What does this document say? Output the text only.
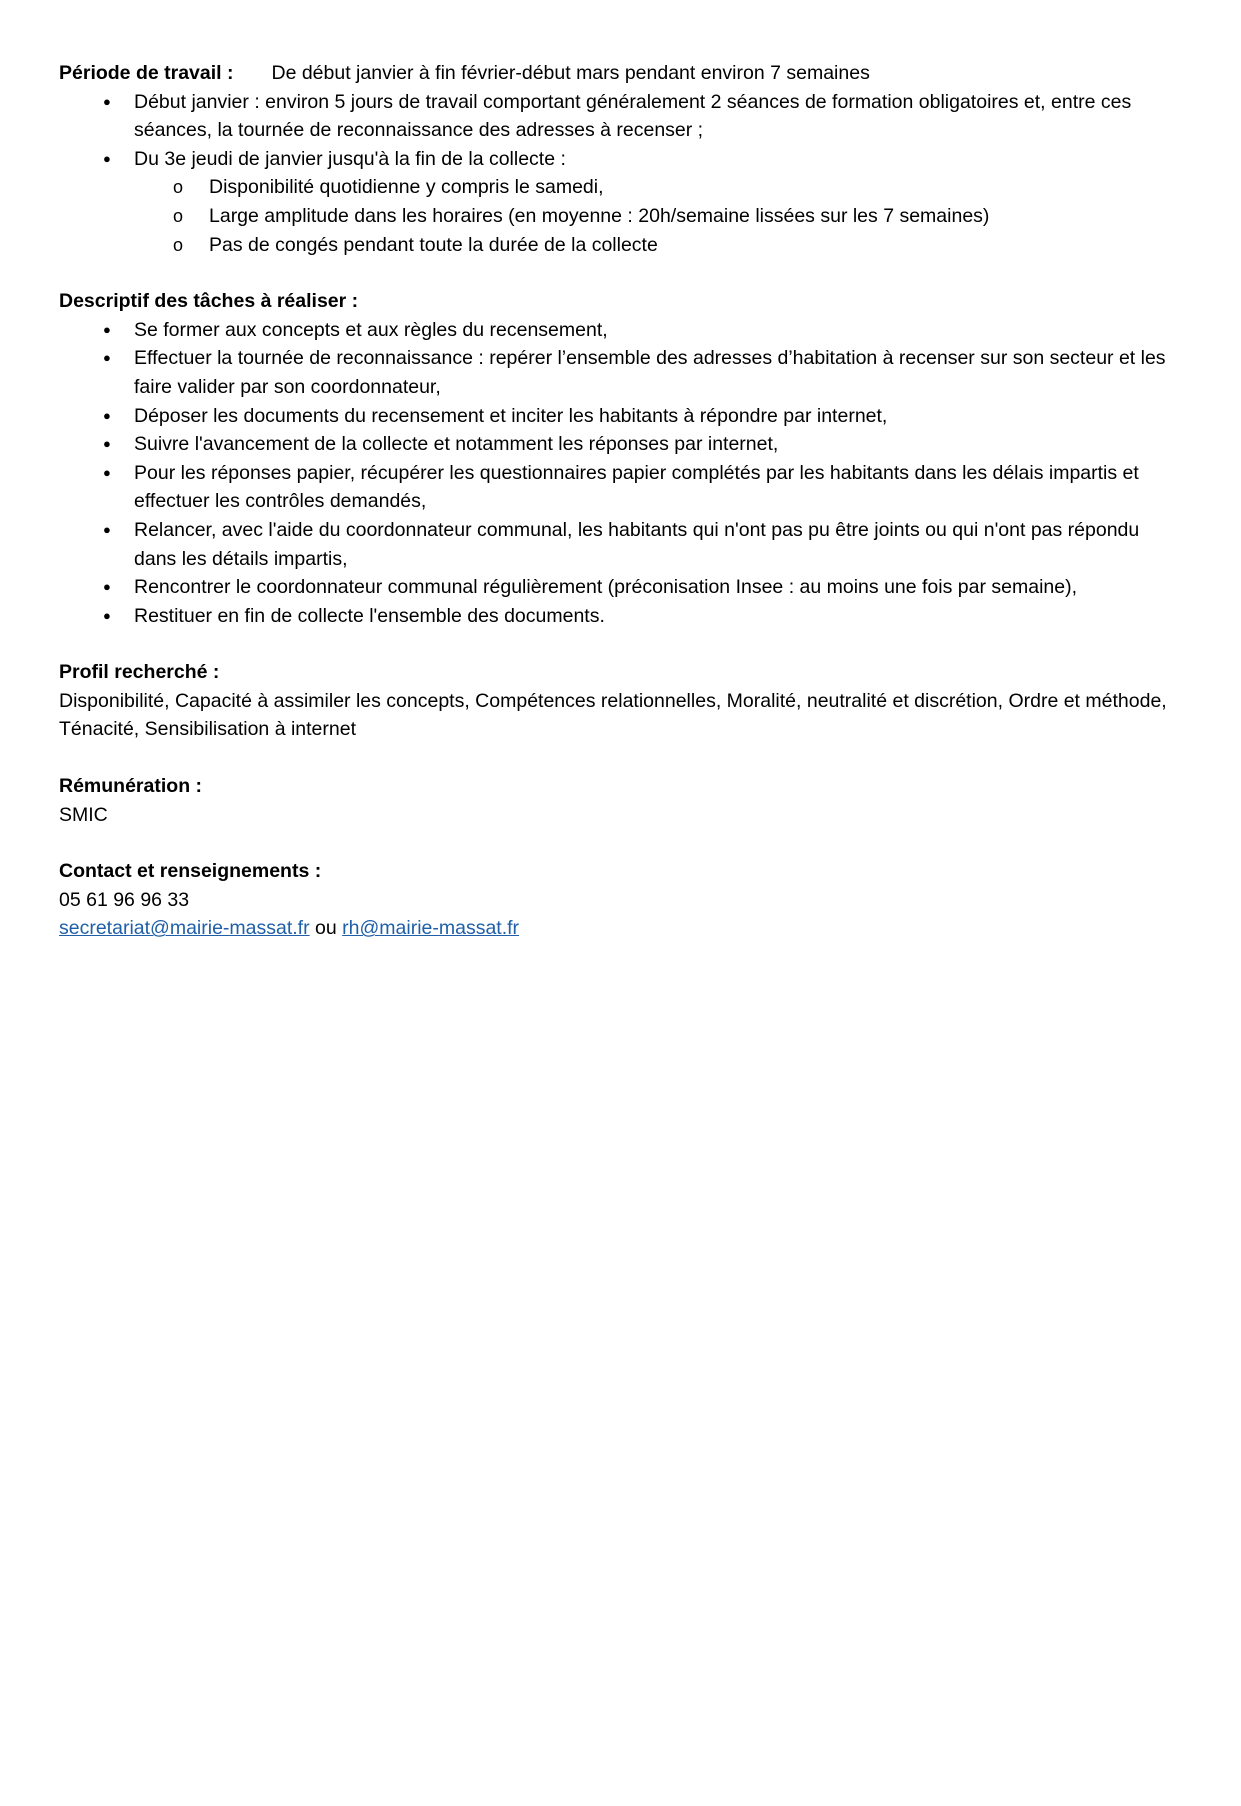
Période de travail : De début janvier à fin février-début mars pendant environ 7 semaines
● Début janvier : environ 5 jours de travail comportant généralement 2 séances de formation obligatoires et, entre ces séances, la tournée de reconnaissance des adresses à recenser ;
● Du 3e jeudi de janvier jusqu'à la fin de la collecte :
o Disponibilité quotidienne y compris le samedi,
o Large amplitude dans les horaires (en moyenne : 20h/semaine lissées sur les 7 semaines)
o Pas de congés pendant toute la durée de la collecte
Descriptif des tâches à réaliser :
● Se former aux concepts et aux règles du recensement,
● Effectuer la tournée de reconnaissance : repérer l’ensemble des adresses d’habitation à recenser sur son secteur et les faire valider par son coordonnateur,
● Déposer les documents du recensement et inciter les habitants à répondre par internet,
● Suivre l'avancement de la collecte et notamment les réponses par internet,
● Pour les réponses papier, récupérer les questionnaires papier complétés par les habitants dans les délais impartis et effectuer les contrôles demandés,
● Relancer, avec l'aide du coordonnateur communal, les habitants qui n'ont pas pu être joints ou qui n'ont pas répondu dans les détails impartis,
● Rencontrer le coordonnateur communal régulièrement (préconisation Insee : au moins une fois par semaine),
● Restituer en fin de collecte l'ensemble des documents.
Profil recherché :

Disponibilité, Capacité à assimiler les concepts, Compétences relationnelles, Moralité, neutralité et discrétion, Ordre et méthode, Ténacité, Sensibilisation à internet

Rémunération :

SMIC

Contact et renseignements :

05 61 96 96 33

secretariat@mairie-massat.fr ou rh@mairie-massat.fr
